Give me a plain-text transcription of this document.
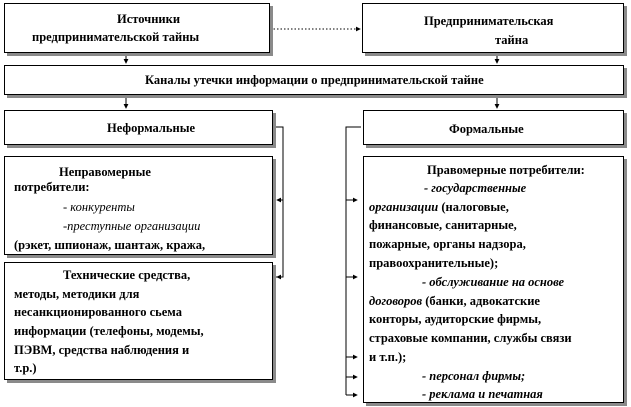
Источники
предпринимательской тайны
Предпринимательская
тайна
Каналы утечки информации о предпринимательской тайне
Неформальные	Формальные
Неправомерные
потребители:
- конкуренты
-преступные организации
(рэкет, шпионаж, шантаж, кража,
Технические средства,
методы, методики для
несанкционированного сьема
информации (телефоны, модемы,
ПЭВМ, средства наблюдения и
т.р.)
Правомерные потребители:
- государственные
организации (налоговые,
финансовые, санитарные,
пожарные, органы надзора,
правоохранительные);
- обслуживание на основе
договоров (банки, адвокатские
конторы, аудиторские фирмы,
страховые компании, службы связи
и т.п.);
- персонал фирмы;
- реклама и печатная
